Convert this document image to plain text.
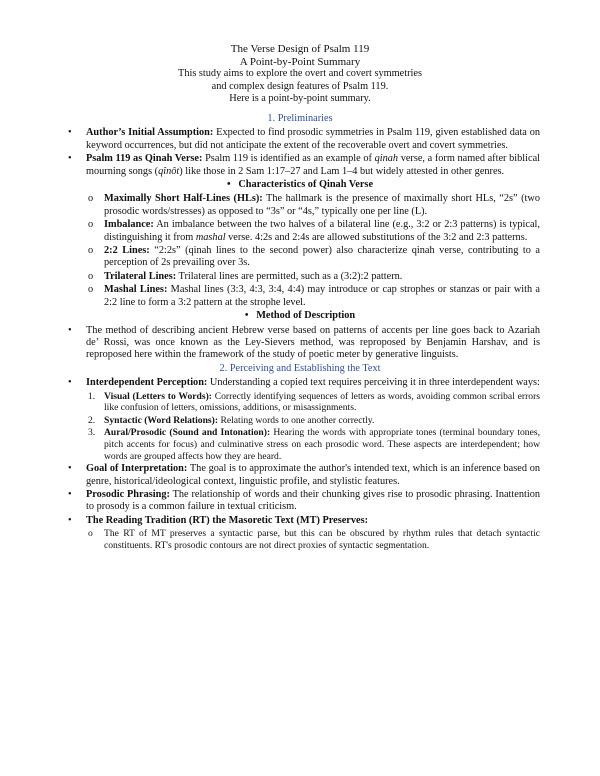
The Verse Design of Psalm 119
A Point-by-Point Summary
This study aims to explore the overt and covert symmetries
and complex design features of Psalm 119.
Here is a point-by-point summary.
1. Preliminaries
• Author’s Initial Assumption: Expected to find prosodic symmetries in Psalm 119, given established data on keyword occurrences, but did not anticipate the extent of the recoverable overt and covert symmetries.
• Psalm 119 as Qinah Verse: Psalm 119 is identified as an example of qinah verse, a form named after biblical mourning songs (qînôt) like those in 2 Sam 1:17–27 and Lam 1–4 but widely attested in other genres.
• Characteristics of Qinah Verse
o Maximally Short Half-Lines (HLs): The hallmark is the presence of maximally short HLs, “2s” (two prosodic words/stresses) as opposed to “3s” or “4s,” typically one per line (L).
o Imbalance: An imbalance between the two halves of a bilateral line (e.g., 3:2 or 2:3 patterns) is typical, distinguishing it from mashal verse. 4:2s and 2:4s are allowed substitutions of the 3:2 and 2:3 patterns.
o 2:2 Lines: “2:2s” (qinah lines to the second power) also characterize qinah verse, contributing to a perception of 2s prevailing over 3s.
o Trilateral Lines: Trilateral lines are permitted, such as a (3:2):2 pattern.
o Mashal Lines: Mashal lines (3:3, 4:3, 3:4, 4:4) may introduce or cap strophes or stanzas or pair with a 2:2 line to form a 3:2 pattern at the strophe level.
• Method of Description
• The method of describing ancient Hebrew verse based on patterns of accents per line goes back to Azariah de’ Rossi, was once known as the Ley-Sievers method, was reproposed by Benjamin Harshav, and is reproposed here within the framework of the study of poetic meter by generative linguists.
2. Perceiving and Establishing the Text
• Interdependent Perception: Understanding a copied text requires perceiving it in three interdependent ways:
1. Visual (Letters to Words): Correctly identifying sequences of letters as words, avoiding common scribal errors like confusion of letters, omissions, additions, or misassignments.
2. Syntactic (Word Relations): Relating words to one another correctly.
3. Aural/Prosodic (Sound and Intonation): Hearing the words with appropriate tones (terminal boundary tones, pitch accents for focus) and culminative stress on each prosodic word. These aspects are interdependent; how words are grouped affects how they are heard.
• Goal of Interpretation: The goal is to approximate the author's intended text, which is an inference based on genre, historical/ideological context, linguistic profile, and stylistic features.
• Prosodic Phrasing: The relationship of words and their chunking gives rise to prosodic phrasing. Inattention to prosody is a common failure in textual criticism.
• The Reading Tradition (RT) the Masoretic Text (MT) Preserves:
o The RT of MT preserves a syntactic parse, but this can be obscured by rhythm rules that detach syntactic constituents. RT's prosodic contours are not direct proxies of syntactic segmentation.
